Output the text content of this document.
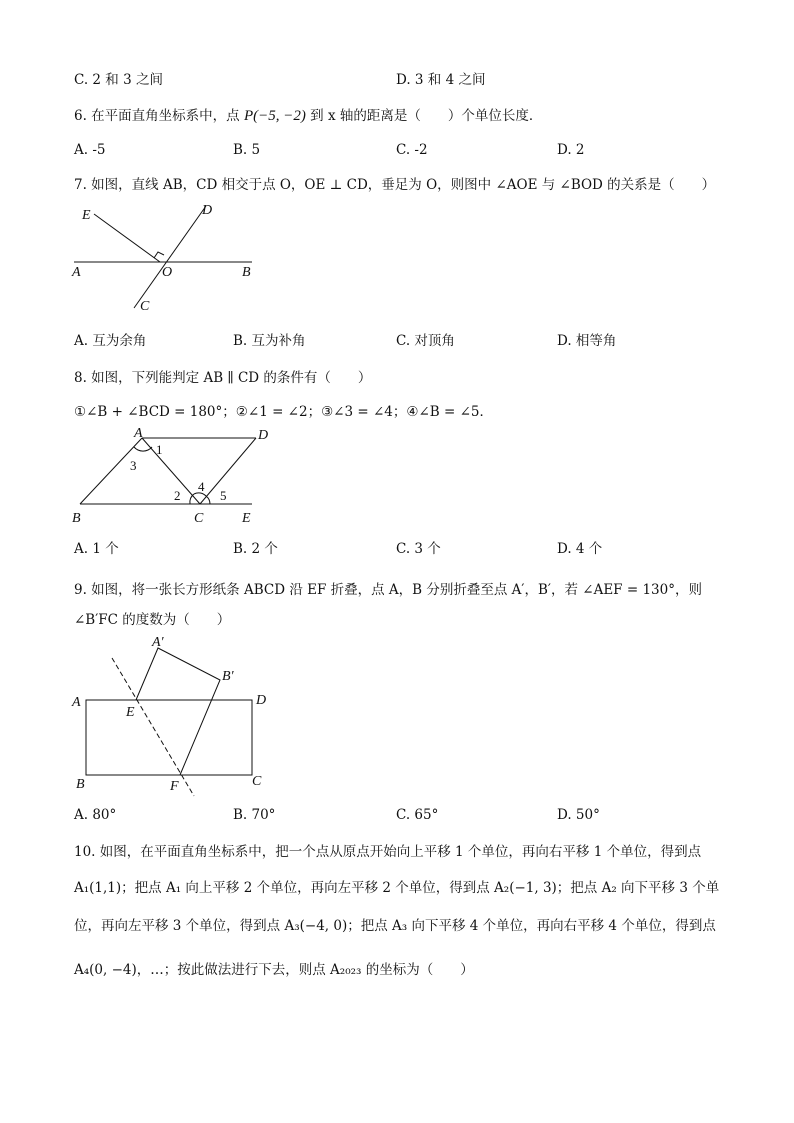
C. 2 和 3 之间	D. 3 和 4 之间
6. 在平面直角坐标系中，点 P(−5, −2) 到 x 轴的距离是（　　）个单位长度．
A. -5	B. 5	C. -2	D. 2
7. 如图，直线 AB，CD 相交于点 O，OE ⊥ CD，垂足为 O，则图中 ∠AOE 与 ∠BOD 的关系是（　　）
E	D
A	O	B
C
A. 互为余角	B. 互为补角	C. 对顶角	D. 相等角
8. 如图，下列能判定 AB ∥ CD 的条件有（　　）
①∠B + ∠BCD = 180°；②∠1 = ∠2；③∠3 = ∠4；④∠B = ∠5．
A	D
B	C	E
1
3
2
4
5
A. 1 个	B. 2 个	C. 3 个	D. 4 个
9. 如图，将一张长方形纸条 ABCD 沿 EF 折叠，点 A，B 分别折叠至点 A′，B′，若 ∠AEF = 130°，则
∠B′FC 的度数为（　　）
A′
B′
A
E
D
B	F	C
A. 80°	B. 70°	C. 65°	D. 50°
10. 如图，在平面直角坐标系中，把一个点从原点开始向上平移 1 个单位，再向右平移 1 个单位，得到点
A₁(1,1)；把点 A₁ 向上平移 2 个单位，再向左平移 2 个单位，得到点 A₂(−1, 3)；把点 A₂ 向下平移 3 个单
位，再向左平移 3 个单位，得到点 A₃(−4, 0)；把点 A₃ 向下平移 4 个单位，再向右平移 4 个单位，得到点
A₄(0, −4)，…；按此做法进行下去，则点 A₂₀₂₃ 的坐标为（　　）
